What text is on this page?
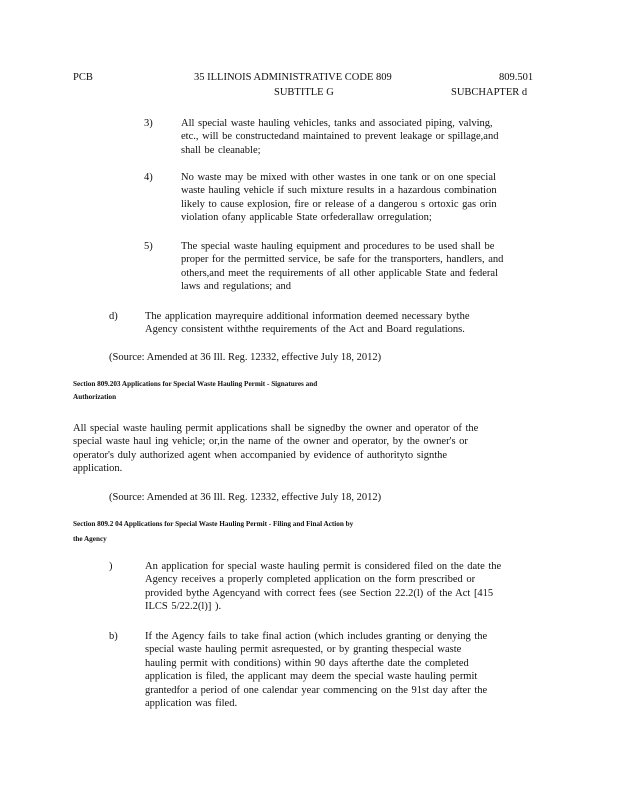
PCB	35 ILLINOIS ADMINISTRATIVE CODE 809
SUBTITLE G
809.501
SUBCHAPTER d
3)	All special waste hauling vehicles, tanks and associated piping, valving,
etc., will be constructedand maintained to prevent leakage or spillage,and
shall be cleanable;
4)	No waste may be mixed with other wastes in one tank or on one special
waste hauling vehicle if such mixture results in a hazardous combination
likely to cause explosion, fire or release of a dangerou s ortoxic gas orin
violation ofany applicable State orfederallaw orregulation;
5)	The special waste hauling equipment and procedures to be used shall be
proper for the permitted service, be safe for the transporters, handlers, and
others,and meet the requirements of all other applicable State and federal
laws and regulations; and
d)	The application mayrequire additional information deemed necessary bythe
Agency consistent withthe requirements of the Act and Board regulations.
(Source: Amended at 36 Ill. Reg. 12332, effective July 18, 2012)
Section 809.203 Applications for Special Waste Hauling Permit - Signatures and
Authorization
All special waste hauling permit applications shall be signedby the owner and operator of the
special waste haul ing vehicle; or,in the name of the owner and operator, by the owner's or
operator's duly authorized agent when accompanied by evidence of authorityto signthe
application.
(Source: Amended at 36 Ill. Reg. 12332, effective July 18, 2012)
Section 809.2 04 Applications for Special Waste Hauling Permit - Filing and Final Action by
the Agency
)	An application for special waste hauling permit is considered filed on the date the
Agency receives a properly completed application on the form prescribed or
provided bythe Agencyand with correct fees (see Section 22.2(l) of the Act [415
ILCS 5/22.2(l)] ).
b)	If the Agency fails to take final action (which includes granting or denying the
special waste hauling permit asrequested, or by granting thespecial waste
hauling permit with conditions) within 90 days afterthe date the completed
application is filed, the applicant may deem the special waste hauling permit
grantedfor a period of one calendar year commencing on the 91st day after the
application was filed.
